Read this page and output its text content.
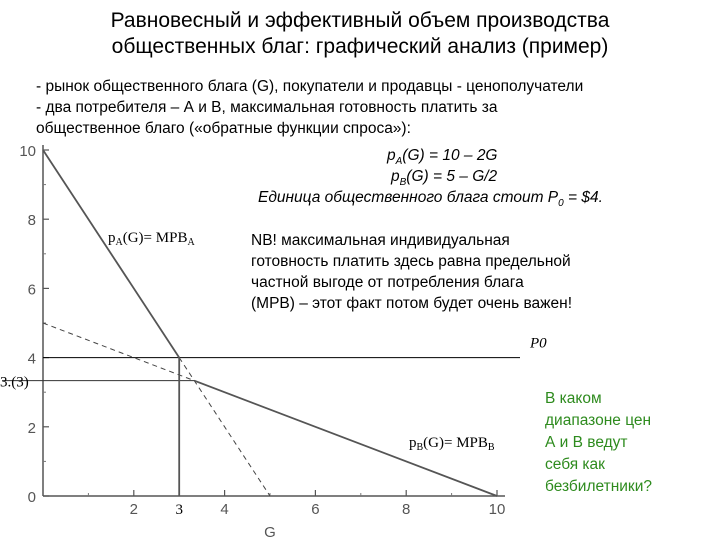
Равновесный и эффективный объем производства
общественных благ: графический анализ (пример)
- рынок общественного блага (G), покупатели и продавцы - ценополучатели
- два потребителя – А и В, максимальная готовность платить за
общественное благо («обратные функции спроса»):
0
2
4
6
8
10
2	4	6	8	10
G
P0
3.(3)
3
$p_A(G)= MPB_A$
$p_B(G)= MPB_B$
$p_A(G) = 10 - 2G$
$p_B(G) = 5 - G/2$
Единица общественного блага стоит $P_0$ = $4.
NB! максимальная индивидуальная
готовность платить здесь равна предельной
частной выгоде от потребления блага
(MPB) – этот факт потом будет очень важен!
В каком
диапазоне цен
А и В ведут
себя как
безбилетники?
